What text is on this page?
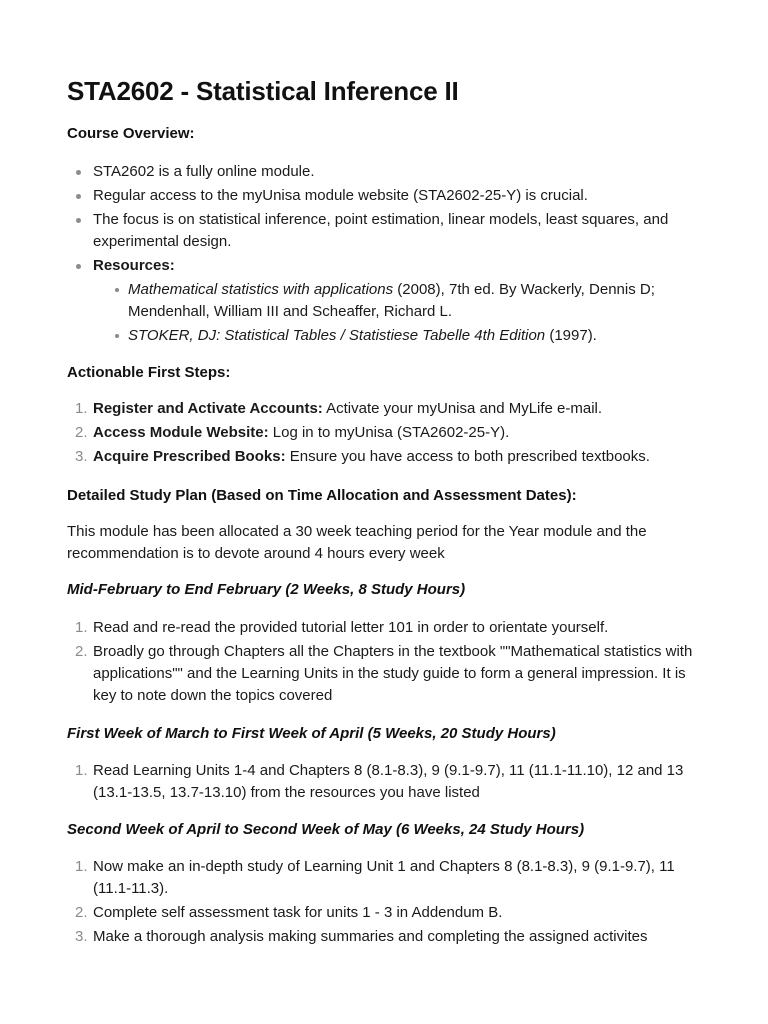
STA2602 - Statistical Inference II
Course Overview:
STA2602 is a fully online module.
Regular access to the myUnisa module website (STA2602-25-Y) is crucial.
The focus is on statistical inference, point estimation, linear models, least squares, and experimental design.
Resources:
Mathematical statistics with applications (2008), 7th ed. By Wackerly, Dennis D; Mendenhall, William III and Scheaffer, Richard L.
STOKER, DJ: Statistical Tables / Statistiese Tabelle 4th Edition (1997).
Actionable First Steps:
1. Register and Activate Accounts: Activate your myUnisa and MyLife e-mail.
2. Access Module Website: Log in to myUnisa (STA2602-25-Y).
3. Acquire Prescribed Books: Ensure you have access to both prescribed textbooks.
Detailed Study Plan (Based on Time Allocation and Assessment Dates):

This module has been allocated a 30 week teaching period for the Year module and the recommendation is to devote around 4 hours every week

Mid-February to End February (2 Weeks, 8 Study Hours)
1. Read and re-read the provided tutorial letter 101 in order to orientate yourself.
2. Broadly go through Chapters all the Chapters in the textbook ""Mathematical statistics with applications"" and the Learning Units in the study guide to form a general impression. It is key to note down the topics covered
First Week of March to First Week of April (5 Weeks, 20 Study Hours)
1. Read Learning Units 1-4 and Chapters 8 (8.1-8.3), 9 (9.1-9.7), 11 (11.1-11.10), 12 and 13 (13.1-13.5, 13.7-13.10) from the resources you have listed
Second Week of April to Second Week of May (6 Weeks, 24 Study Hours)
1. Now make an in-depth study of Learning Unit 1 and Chapters 8 (8.1-8.3), 9 (9.1-9.7), 11 (11.1-11.3).
2. Complete self assessment task for units 1 - 3 in Addendum B.
3. Make a thorough analysis making summaries and completing the assigned activites
